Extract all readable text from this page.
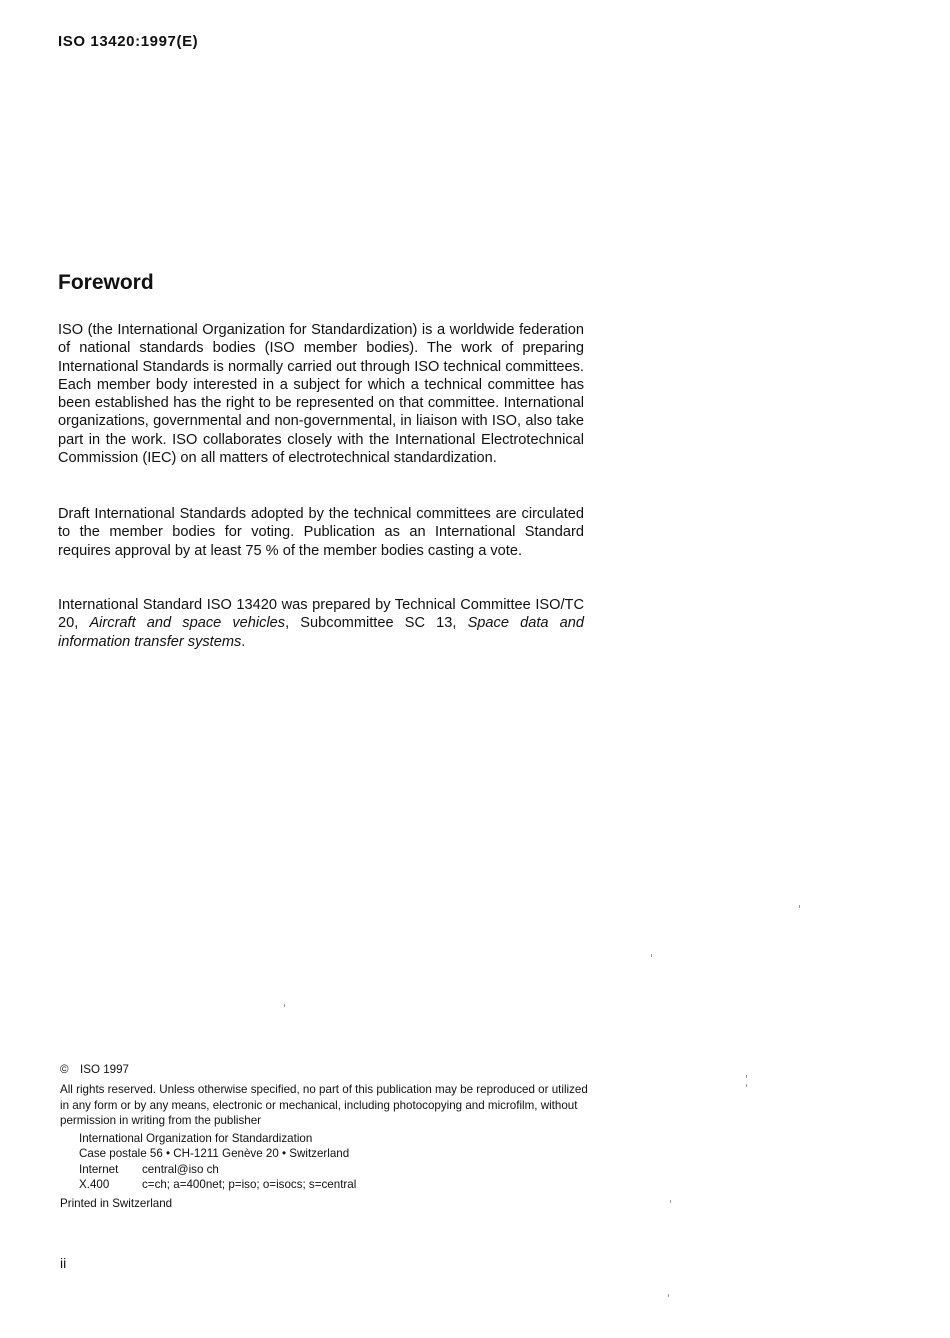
ISO 13420:1997(E)
Foreword

ISO (the International Organization for Standardization) is a worldwide federation of national standards bodies (ISO member bodies). The work of preparing International Standards is normally carried out through ISO technical committees. Each member body interested in a subject for which a technical committee has been established has the right to be represented on that committee. International organizations, governmental and non-governmental, in liaison with ISO, also take part in the work. ISO collaborates closely with the International Electrotechnical Commission (IEC) on all matters of electrotechnical standardization.

Draft International Standards adopted by the technical committees are circulated to the member bodies for voting. Publication as an International Standard requires approval by at least 75 % of the member bodies casting a vote.

International Standard ISO 13420 was prepared by Technical Committee ISO/TC 20, Aircraft and space vehicles, Subcommittee SC 13, Space data and information transfer systems.

© ISO 1997

All rights reserved. Unless otherwise specified, no part of this publication may be reproduced or utilized in any form or by any means, electronic or mechanical, including photocopying and microfilm, without permission in writing from the publisher

International Organization for Standardization
Case postale 56 • CH-1211 Genève 20 • Switzerland
Internet central@iso ch
X.400	c=ch; a=400net; p=iso; o=isocs; s=central

Printed in Switzerland

ii
